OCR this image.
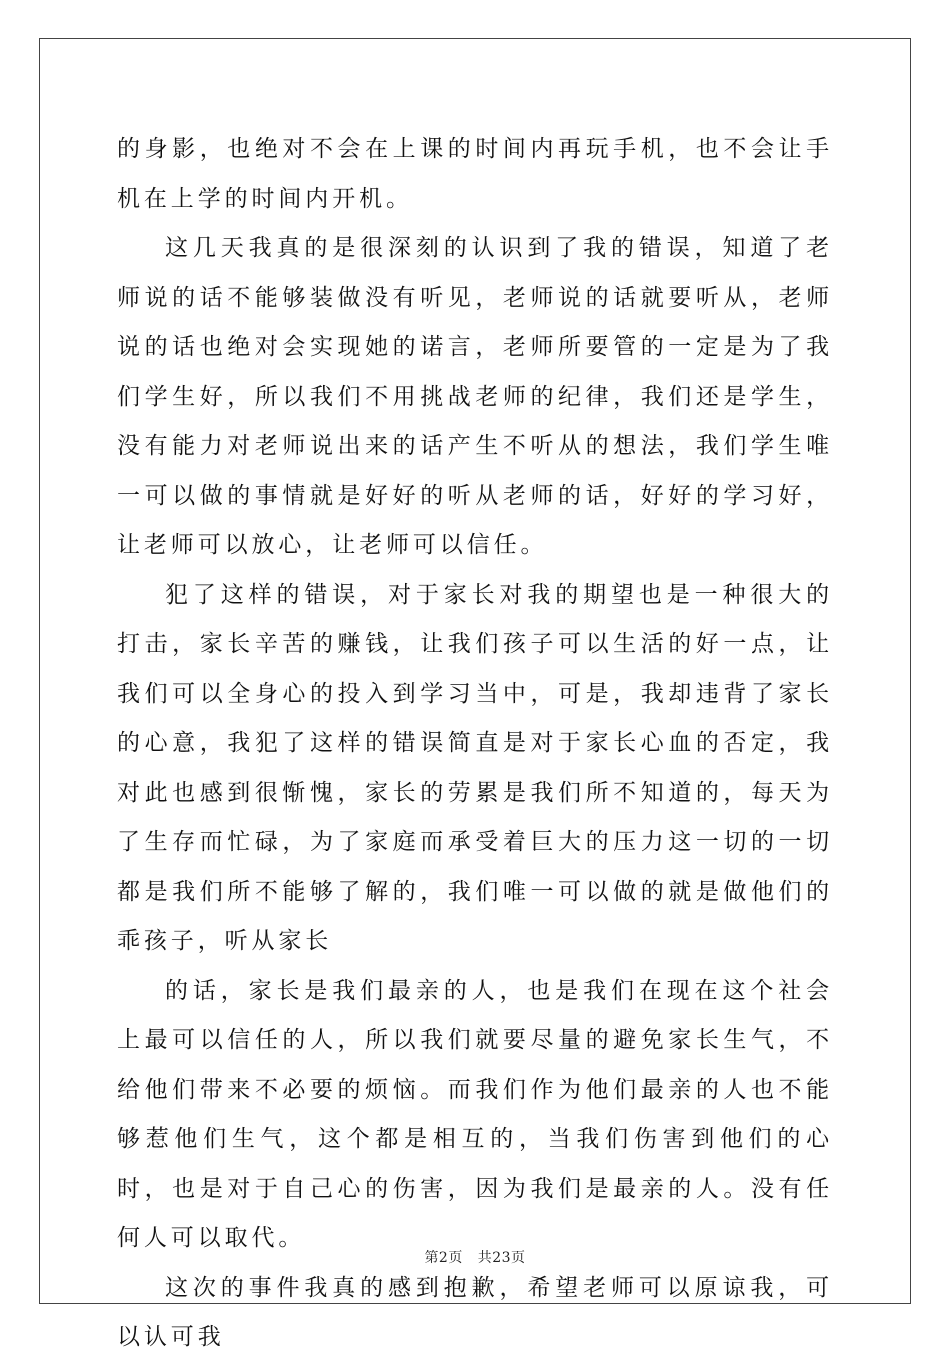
的身影，也绝对不会在上课的时间内再玩手机，也不会让手机在上学的时间内开机。

这几天我真的是很深刻的认识到了我的错误，知道了老师说的话不能够装做没有听见，老师说的话就要听从，老师说的话也绝对会实现她的诺言，老师所要管的一定是为了我们学生好，所以我们不用挑战老师的纪律，我们还是学生，没有能力对老师说出来的话产生不听从的想法，我们学生唯一可以做的事情就是好好的听从老师的话，好好的学习好，让老师可以放心，让老师可以信任。

犯了这样的错误，对于家长对我的期望也是一种很大的打击，家长辛苦的赚钱，让我们孩子可以生活的好一点，让我们可以全身心的投入到学习当中，可是，我却违背了家长的心意，我犯了这样的错误简直是对于家长心血的否定，我对此也感到很惭愧，家长的劳累是我们所不知道的，每天为了生存而忙碌，为了家庭而承受着巨大的压力这一切的一切都是我们所不能够了解的，我们唯一可以做的就是做他们的乖孩子，听从家长

的话，家长是我们最亲的人，也是我们在现在这个社会上最可以信任的人，所以我们就要尽量的避免家长生气，不给他们带来不必要的烦恼。而我们作为他们最亲的人也不能够惹他们生气，这个都是相互的，当我们伤害到他们的心时，也是对于自己心的伤害，因为我们是最亲的人。没有任何人可以取代。

这次的事件我真的感到抱歉，希望老师可以原谅我，可以认可我

第2页 共23页
